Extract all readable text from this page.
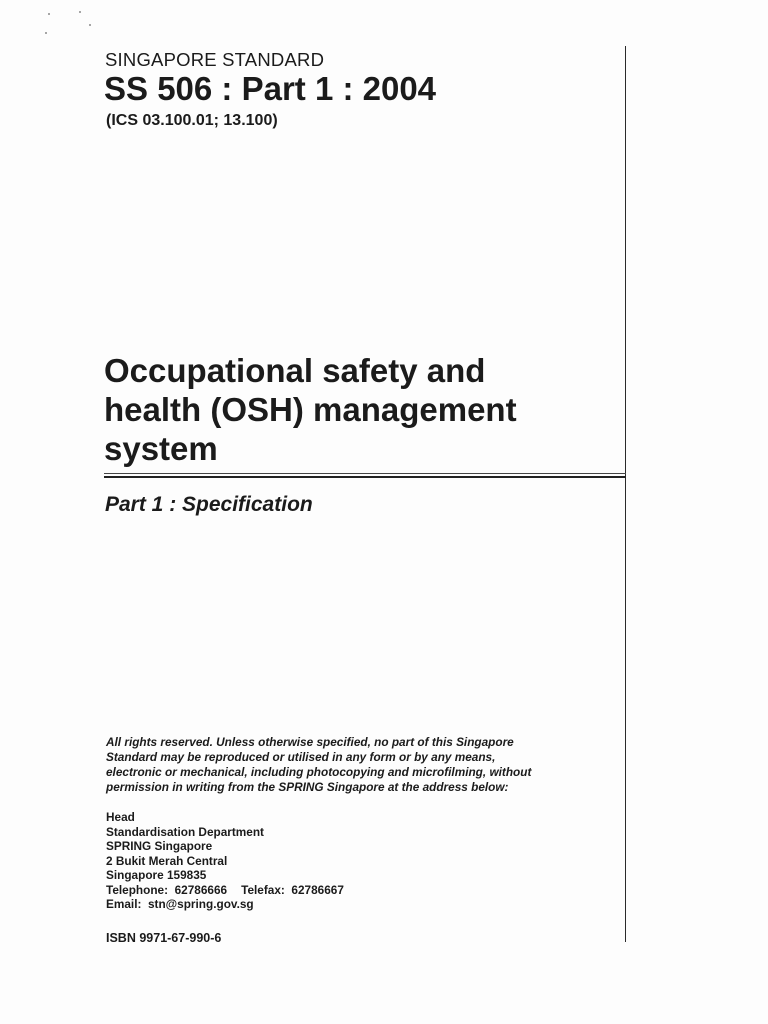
SINGAPORE STANDARD
SS 506 : Part 1 : 2004
(ICS 03.100.01; 13.100)
Occupational safety and
health (OSH) management
system
Part 1 : Specification
All rights reserved. Unless otherwise specified, no part of this Singapore
Standard may be reproduced or utilised in any form or by any means,
electronic or mechanical, including photocopying and microfilming, without
permission in writing from the SPRING Singapore at the address below:
Head
Standardisation Department
SPRING Singapore
2 Bukit Merah Central
Singapore 159835
Telephone: 62786666 Telefax: 62786667
Email: stn@spring.gov.sg
ISBN 9971-67-990-6
